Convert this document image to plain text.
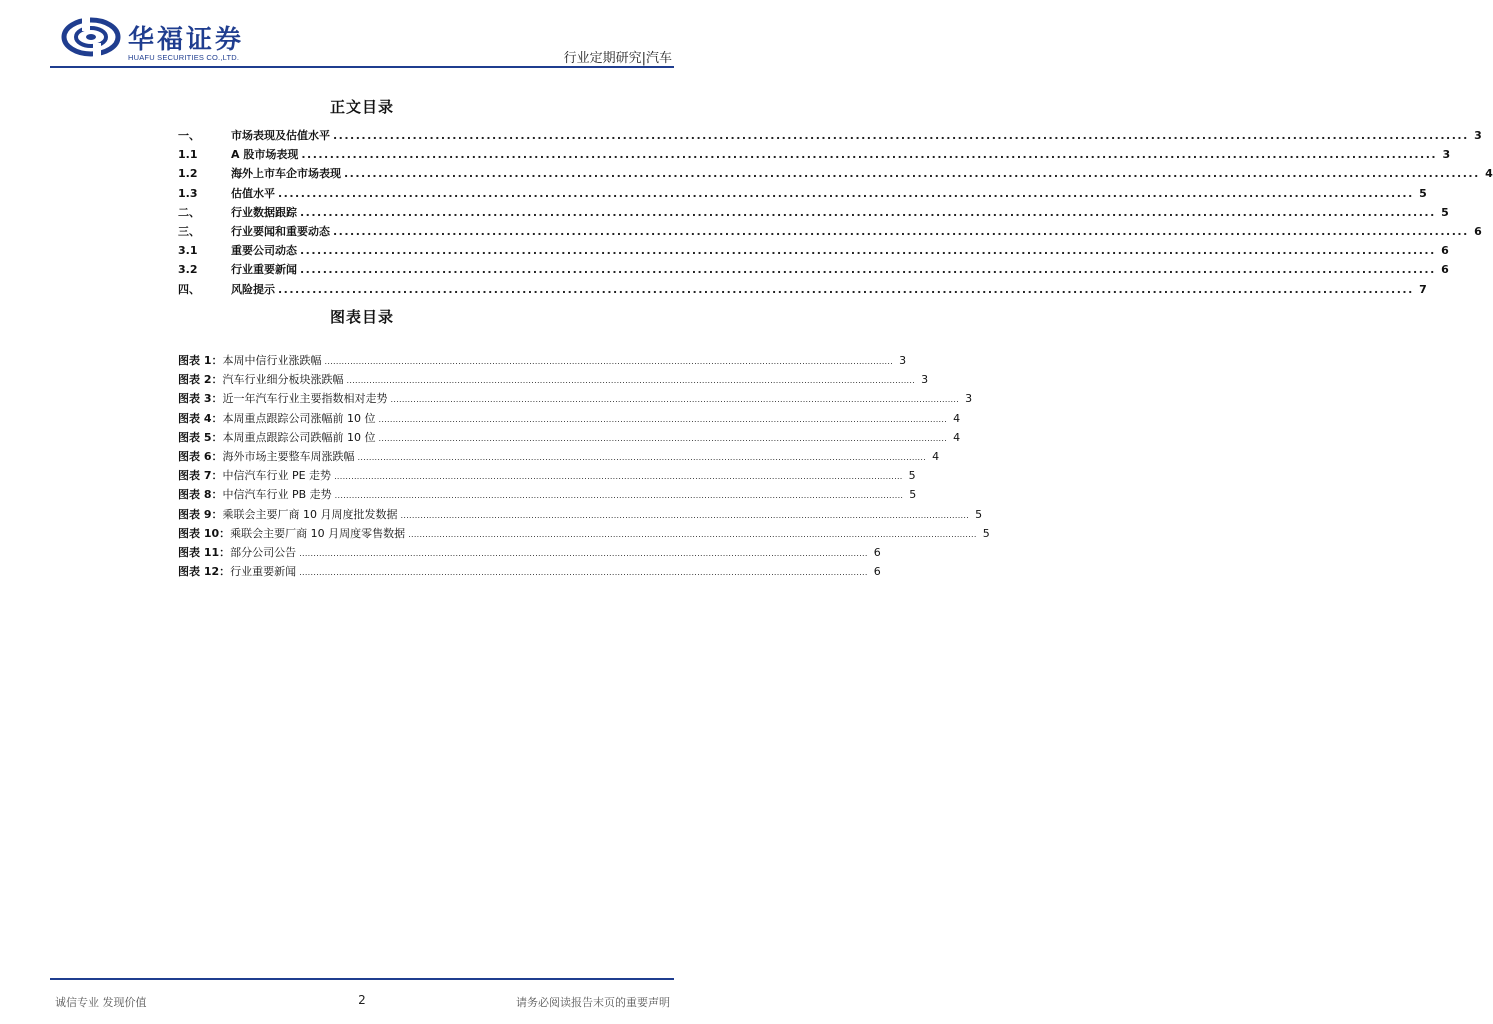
华福证券
HUAFU SECURITIES CO.,LTD.	行业定期研究|汽车
正文目录
一、	市场表现及估值水平 ........................................................................................................................................................................................................ 3
1.1	A 股市场表现 ........................................................................................................................................................................................................ 3
1.2	海外上市车企市场表现 ........................................................................................................................................................................................................ 4
1.3	估值水平 ........................................................................................................................................................................................................ 5
二、	行业数据跟踪 ........................................................................................................................................................................................................ 5
三、	行业要闻和重要动态 ........................................................................................................................................................................................................ 6
3.1	重要公司动态 ........................................................................................................................................................................................................ 6
3.2	行业重要新闻 ........................................................................................................................................................................................................ 6
四、	风险提示 ........................................................................................................................................................................................................ 7
图表目录
图表 1： 本周中信行业涨跌幅 ........................................................................................................................................................................................................ 3
图表 2： 汽车行业细分板块涨跌幅 ........................................................................................................................................................................................................ 3
图表 3： 近一年汽车行业主要指数相对走势 ........................................................................................................................................................................................................ 3
图表 4： 本周重点跟踪公司涨幅前 10 位 ........................................................................................................................................................................................................ 4
图表 5： 本周重点跟踪公司跌幅前 10 位 ........................................................................................................................................................................................................ 4
图表 6： 海外市场主要整车周涨跌幅 ........................................................................................................................................................................................................ 4
图表 7： 中信汽车行业 PE 走势 ........................................................................................................................................................................................................ 5
图表 8： 中信汽车行业 PB 走势 ........................................................................................................................................................................................................ 5
图表 9： 乘联会主要厂商 10 月周度批发数据 ........................................................................................................................................................................................................ 5
图表 10： 乘联会主要厂商 10 月周度零售数据 ........................................................................................................................................................................................................ 5
图表 11： 部分公司公告 ........................................................................................................................................................................................................ 6
图表 12： 行业重要新闻 ........................................................................................................................................................................................................ 6
诚信专业 发现价值	2	请务必阅读报告末页的重要声明
